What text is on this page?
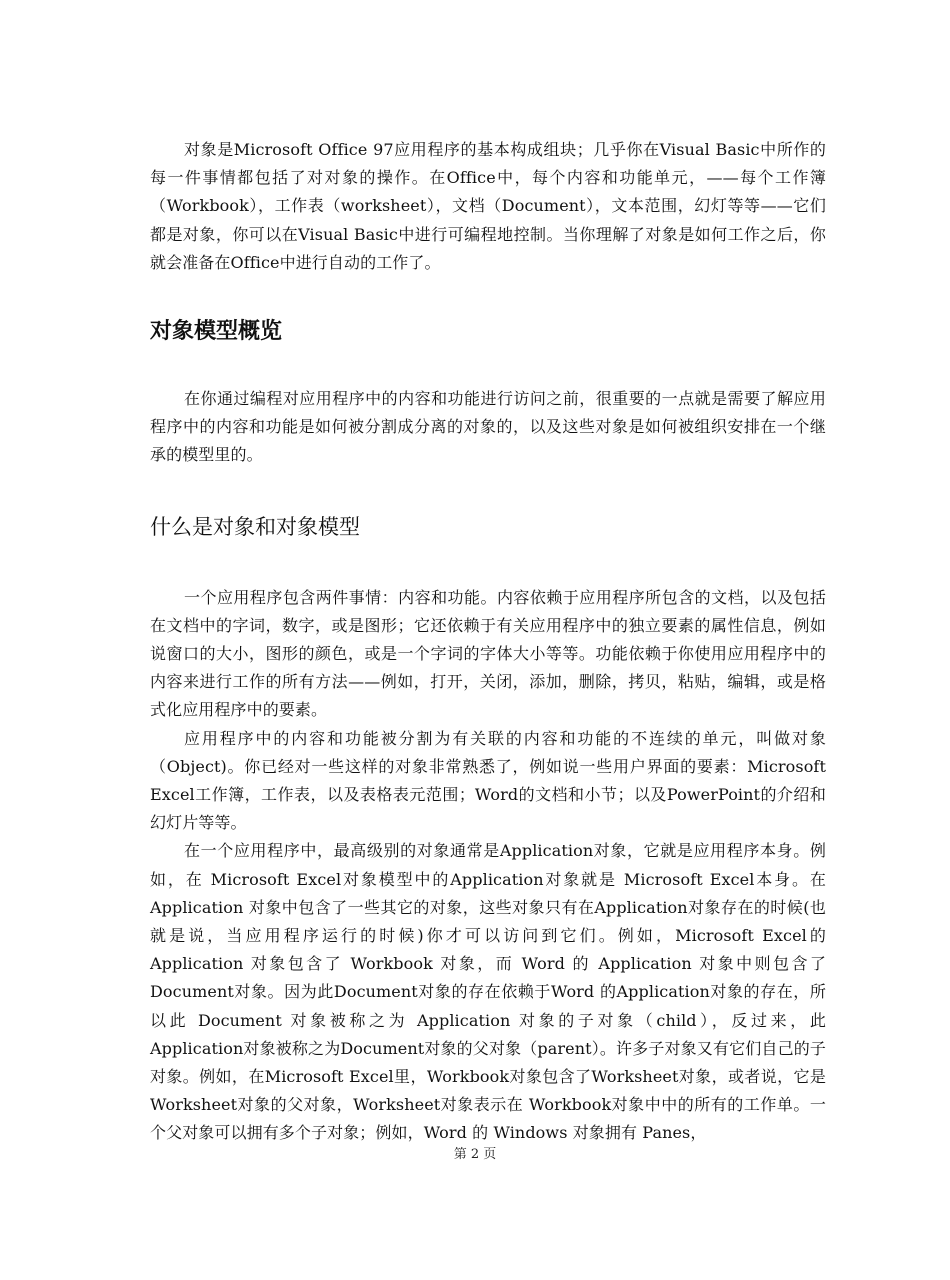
对象是Microsoft Office 97应用程序的基本构成组块；几乎你在Visual Basic中所作的每一件事情都包括了对对象的操作。在Office中，每个内容和功能单元，——每个工作簿（Workbook），工作表（worksheet），文档（Document），文本范围，幻灯等等——它们都是对象，你可以在Visual Basic中进行可编程地控制。当你理解了对象是如何工作之后，你就会准备在Office中进行自动的工作了。

对象模型概览

在你通过编程对应用程序中的内容和功能进行访问之前，很重要的一点就是需要了解应用程序中的内容和功能是如何被分割成分离的对象的，以及这些对象是如何被组织安排在一个继承的模型里的。

什么是对象和对象模型

一个应用程序包含两件事情：内容和功能。内容依赖于应用程序所包含的文档，以及包括在文档中的字词，数字，或是图形；它还依赖于有关应用程序中的独立要素的属性信息，例如说窗口的大小，图形的颜色，或是一个字词的字体大小等等。功能依赖于你使用应用程序中的内容来进行工作的所有方法——例如，打开，关闭，添加，删除，拷贝，粘贴，编辑，或是格式化应用程序中的要素。

应用程序中的内容和功能被分割为有关联的内容和功能的不连续的单元，叫做对象（Object)。你已经对一些这样的对象非常熟悉了，例如说一些用户界面的要素：Microsoft Excel工作簿，工作表，以及表格表元范围；Word的文档和小节；以及PowerPoint的介绍和幻灯片等等。

在一个应用程序中，最高级别的对象通常是Application对象，它就是应用程序本身。例如，在 Microsoft Excel对象模型中的Application对象就是 Microsoft Excel本身。在 Application 对象中包含了一些其它的对象，这些对象只有在Application对象存在的时候(也就是说，当应用程序运行的时候)你才可以访问到它们。例如，Microsoft Excel的 Application 对象包含了 Workbook 对象，而 Word 的 Application 对象中则包含了Document对象。因为此Document对象的存在依赖于Word 的Application对象的存在，所以此 Document 对象被称之为 Application 对象的子对象（child），反过来，此Application对象被称之为Document对象的父对象（parent）。许多子对象又有它们自己的子对象。例如，在Microsoft Excel里，Workbook对象包含了Worksheet对象，或者说，它是Worksheet对象的父对象，Worksheet对象表示在 Workbook对象中中的所有的工作单。一个父对象可以拥有多个子对象；例如，Word 的 Windows 对象拥有 Panes，

第 2 页
